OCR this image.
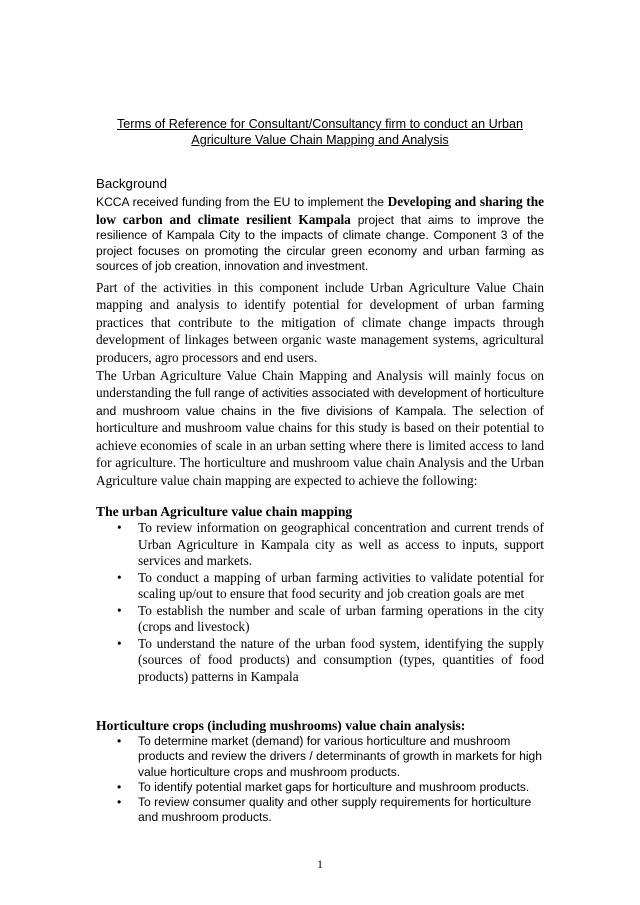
Terms of Reference for Consultant/Consultancy firm to conduct an Urban
Agriculture Value Chain Mapping and Analysis
Background

KCCA received funding from the EU to implement the Developing and sharing the low carbon and climate resilient Kampala project that aims to improve the resilience of Kampala City to the impacts of climate change. Component 3 of the project focuses on promoting the circular green economy and urban farming as sources of job creation, innovation and investment.

Part of the activities in this component include Urban Agriculture Value Chain mapping and analysis to identify potential for development of urban farming practices that contribute to the mitigation of climate change impacts through development of linkages between organic waste management systems, agricultural producers, agro processors and end users.

The Urban Agriculture Value Chain Mapping and Analysis will mainly focus on understanding the full range of activities associated with development of horticulture and mushroom value chains in the five divisions of Kampala. The selection of horticulture and mushroom value chains for this study is based on their potential to achieve economies of scale in an urban setting where there is limited access to land for agriculture. The horticulture and mushroom value chain Analysis and the Urban Agriculture value chain mapping are expected to achieve the following:

The urban Agriculture value chain mapping
• To review information on geographical concentration and current trends of Urban Agriculture in Kampala city as well as access to inputs, support services and markets.
• To conduct a mapping of urban farming activities to validate potential for scaling up/out to ensure that food security and job creation goals are met
• To establish the number and scale of urban farming operations in the city (crops and livestock)
• To understand the nature of the urban food system, identifying the supply (sources of food products) and consumption (types, quantities of food products) patterns in Kampala
Horticulture crops (including mushrooms) value chain analysis:
• To determine market (demand) for various horticulture and mushroom products and review the drivers / determinants of growth in markets for high value horticulture crops and mushroom products.
• To identify potential market gaps for horticulture and mushroom products.
• To review consumer quality and other supply requirements for horticulture and mushroom products.
1
